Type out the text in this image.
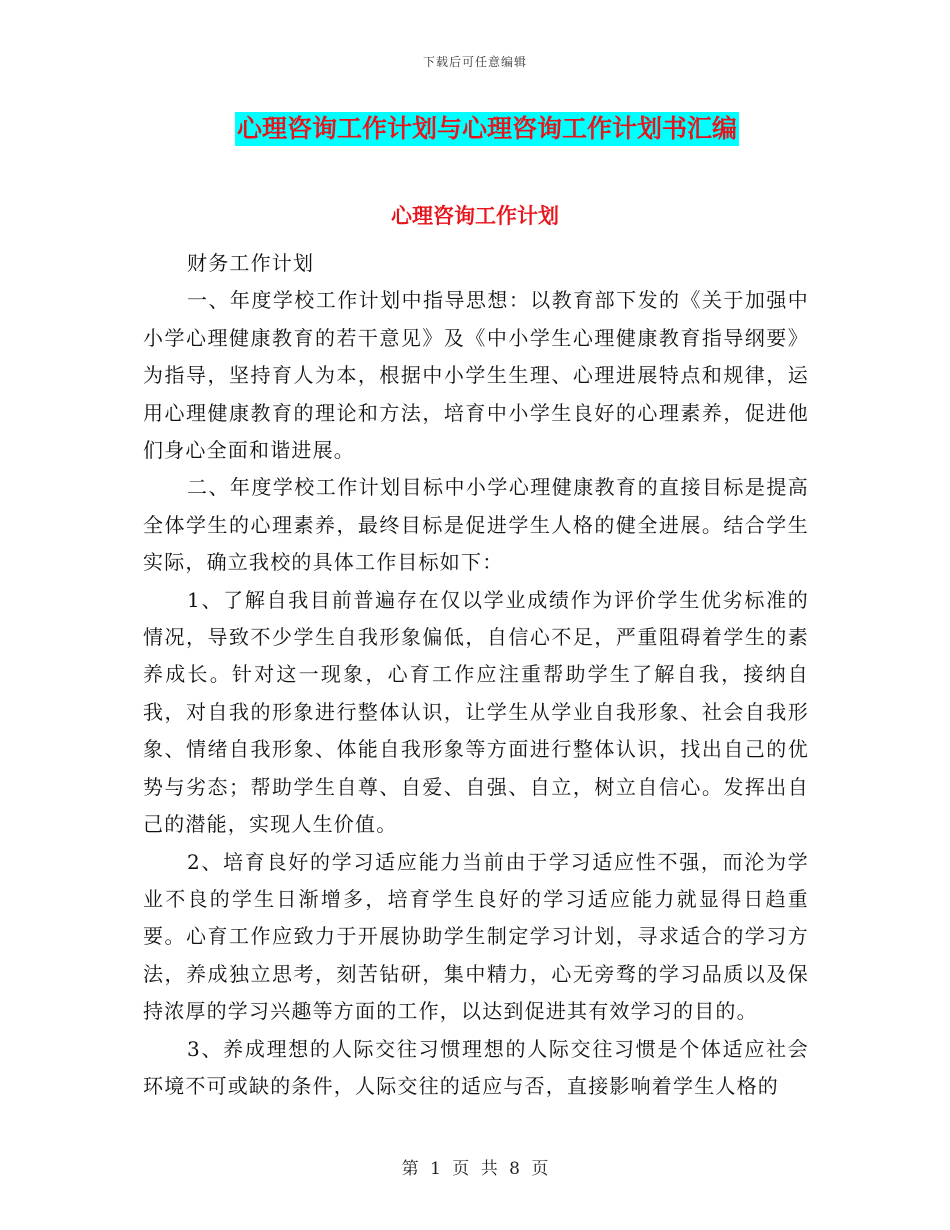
下载后可任意编辑
心理咨询工作计划与心理咨询工作计划书汇编
心理咨询工作计划

财务工作计划

一、年度学校工作计划中指导思想：以教育部下发的《关于加强中小学心理健康教育的若干意见》及《中小学生心理健康教育指导纲要》为指导，坚持育人为本，根据中小学生生理、心理进展特点和规律，运用心理健康教育的理论和方法，培育中小学生良好的心理素养，促进他们身心全面和谐进展。

二、年度学校工作计划目标中小学心理健康教育的直接目标是提高全体学生的心理素养，最终目标是促进学生人格的健全进展。结合学生实际，确立我校的具体工作目标如下：

1、了解自我目前普遍存在仅以学业成绩作为评价学生优劣标准的情况，导致不少学生自我形象偏低，自信心不足，严重阻碍着学生的素养成长。针对这一现象，心育工作应注重帮助学生了解自我，接纳自我，对自我的形象进行整体认识，让学生从学业自我形象、社会自我形象、情绪自我形象、体能自我形象等方面进行整体认识，找出自己的优势与劣态；帮助学生自尊、自爱、自强、自立，树立自信心。发挥出自己的潜能，实现人生价值。

2、培育良好的学习适应能力当前由于学习适应性不强，而沦为学业不良的学生日渐增多，培育学生良好的学习适应能力就显得日趋重要。心育工作应致力于开展协助学生制定学习计划，寻求适合的学习方法，养成独立思考，刻苦钻研，集中精力，心无旁骛的学习品质以及保持浓厚的学习兴趣等方面的工作，以达到促进其有效学习的目的。

3、养成理想的人际交往习惯理想的人际交往习惯是个体适应社会环境不可或缺的条件，人际交往的适应与否，直接影响着学生人格的

第 1 页 共 8 页
